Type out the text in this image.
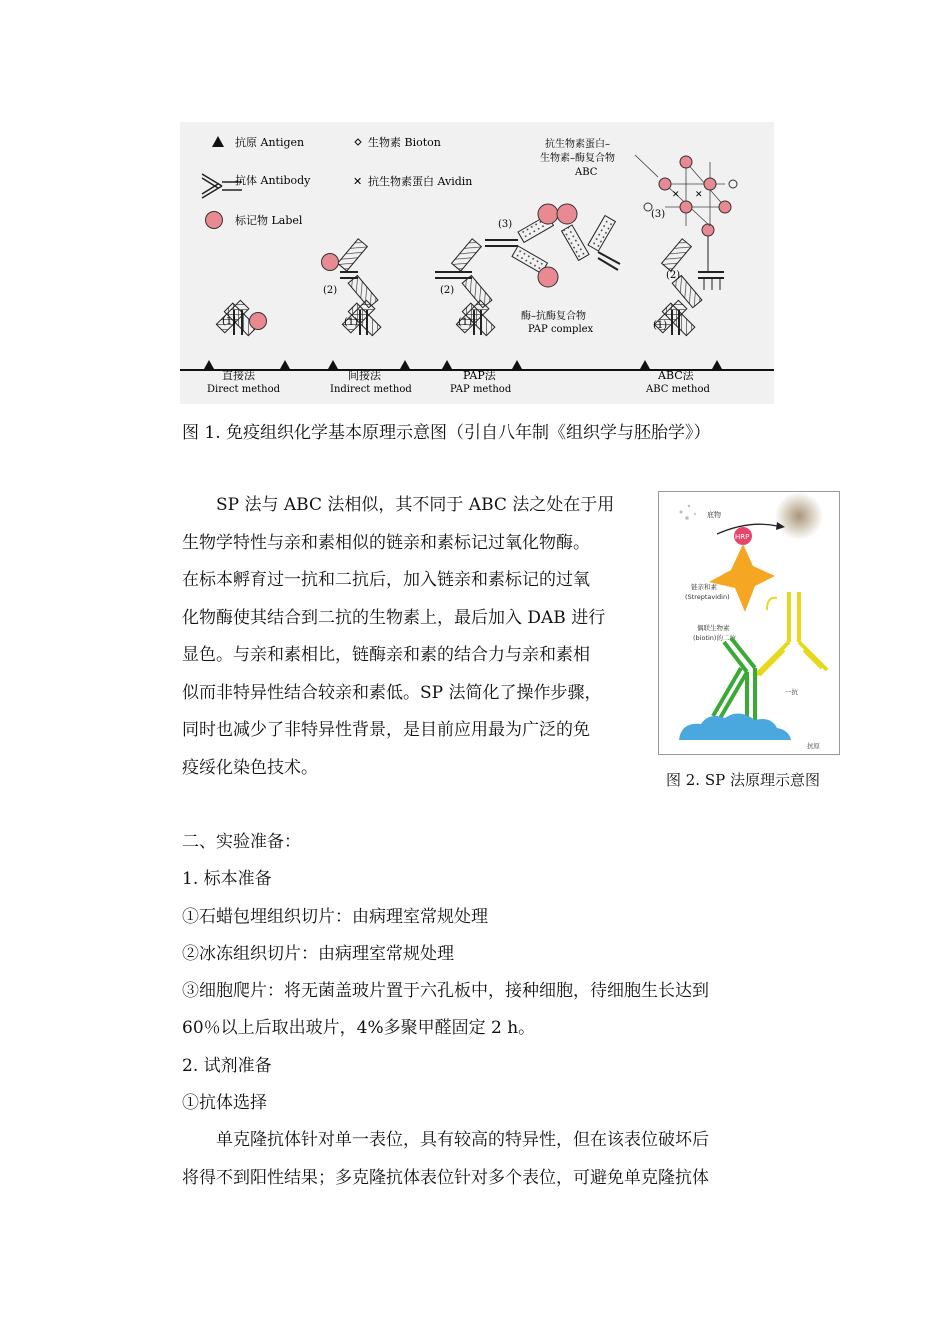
抗原 Antigen
抗体 Antibody
标记物 Label
生物素 Bioton
✕ 抗生物素蛋白 Avidin
(1)
直接法
Direct method
(2)
(1)
间接法
Indirect method
(3)
(2)
(1)
酶–抗酶复合物
PAP complex
PAP法
PAP method
✕
✕
抗生物素蛋白–
生物素–酶复合物
ABC
(3)
(2)
(1)
ABC法
ABC method
图 1. 免疫组织化学基本原理示意图（引自八年制《组织学与胚胎学》）
SP 法与 ABC 法相似，其不同于 ABC 法之处在于用
生物学特性与亲和素相似的链亲和素标记过氧化物酶。
在标本孵育过一抗和二抗后，加入链亲和素标记的过氧
化物酶使其结合到二抗的生物素上，最后加入 DAB 进行
显色。与亲和素相比，链酶亲和素的结合力与亲和素相
似而非特异性结合较亲和素低。SP 法简化了操作步骤，
同时也减少了非特异性背景，是目前应用最为广泛的免
疫绥化染色技术。
底物
HRP
链亲和素
(Streptavidin)
偶联生物素
(biotin)的二抗
一抗
抗原
图 2. SP 法原理示意图
二、实验准备：
1. 标本准备
①石蜡包埋组织切片：由病理室常规处理
②冰冻组织切片：由病理室常规处理
③细胞爬片：将无菌盖玻片置于六孔板中，接种细胞，待细胞生长达到
60％以上后取出玻片，4%多聚甲醛固定 2 h。
2. 试剂准备
①抗体选择
单克隆抗体针对单一表位，具有较高的特异性，但在该表位破坏后
将得不到阳性结果；多克隆抗体表位针对多个表位，可避免单克隆抗体
